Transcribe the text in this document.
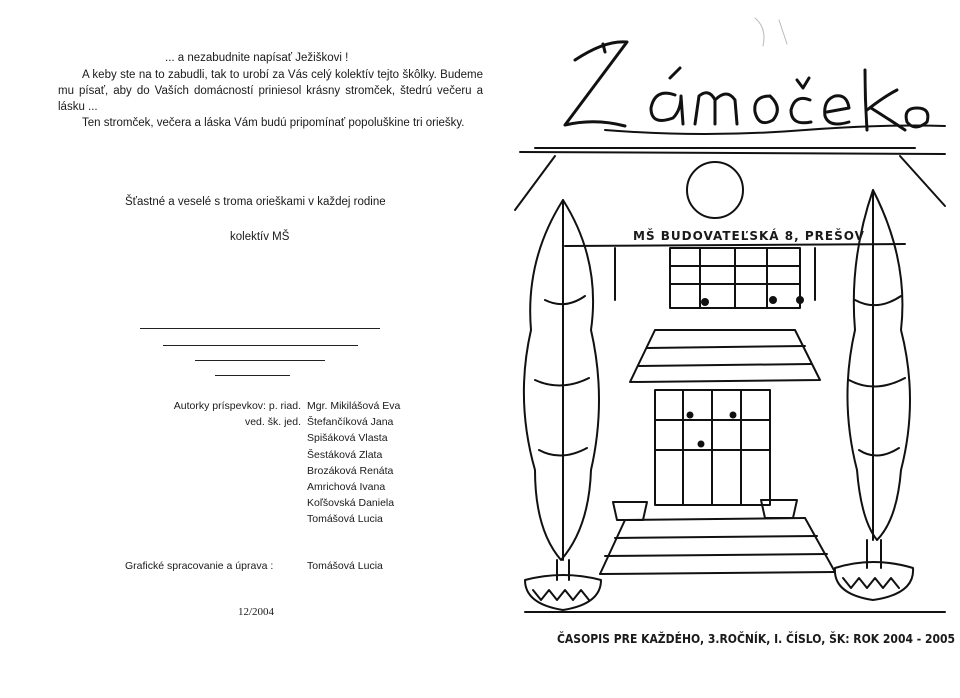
... a nezabudnite napísať Ježiškovi !

A keby ste na to zabudli, tak to urobí za Vás celý kolektív tejto škôlky. Budeme mu písať, aby do Vaších domácností priniesol krásny stromček, štedrú večeru a lásku ...

Ten stromček, večera a láska Vám budú pripomínať popoluškine tri oriešky.

Šťastné a veselé s troma orieškami v každej rodine
kolektív MŠ
Autorky príspevkov: p. riad. Mgr. Mikilášová Eva
ved. šk. jed. Štefančíková Jana
Spišáková Vlasta
Šestáková Zlata
Brozáková Renáta
Amrichová Ivana
Koľšovská Daniela
Tomášová Lucia
Grafické spracovanie a úprava :	Tomášová Lucia
12/2004
MŠ BUDOVATEĽSKÁ 8, PREŠOV
ČASOPIS PRE KAŽDÉHO, 3.ROČNÍK, I. ČÍSLO, ŠK: ROK 2004 - 2005
